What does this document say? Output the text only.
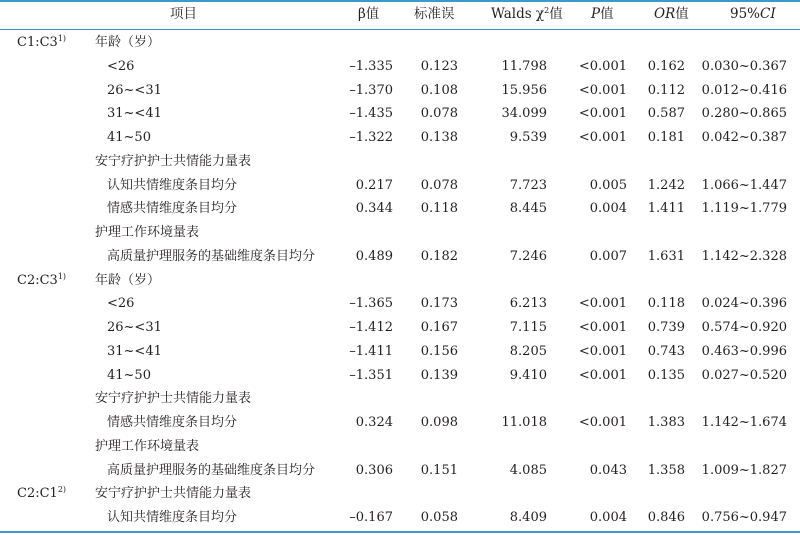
项目	β值	标准误	Walds $\chi^2$值 P值	OR值	95%CI
C1:C3$^{1)}$ 年龄（岁）
<26	–1.335 0.123	11.798 <0.001 0.162 0.030~0.367
26~<31	–1.370 0.108	15.956 <0.001 0.112 0.012~0.416
31~<41	–1.435 0.078	34.099 <0.001 0.587 0.280~0.865
41~50	–1.322 0.138	9.539 <0.001 0.181 0.042~0.387
安宁疗护护士共情能力量表
认知共情维度条目均分	0.217 0.078	7.723	0.005 1.242 1.066~1.447
情感共情维度条目均分	0.344 0.118	8.445	0.004 1.411 1.119~1.779
护理工作环境量表
高质量护理服务的基础维度条目均分	0.489 0.182	7.246	0.007 1.631 1.142~2.328
C2:C3$^{1)}$ 年龄（岁）
<26	–1.365 0.173	6.213 <0.001 0.118 0.024~0.396
26~<31	–1.412 0.167	7.115 <0.001 0.739 0.574~0.920
31~<41	–1.411 0.156	8.205 <0.001 0.743 0.463~0.996
41~50	–1.351 0.139	9.410 <0.001 0.135 0.027~0.520
安宁疗护护士共情能力量表
情感共情维度条目均分	0.324 0.098	11.018 <0.001 1.383 1.142~1.674
护理工作环境量表
高质量护理服务的基础维度条目均分	0.306 0.151	4.085	0.043 1.358 1.009~1.827
C2:C1$^{2)}$ 安宁疗护护士共情能力量表
认知共情维度条目均分	–0.167 0.058	8.409	0.004 0.846 0.756~0.947
